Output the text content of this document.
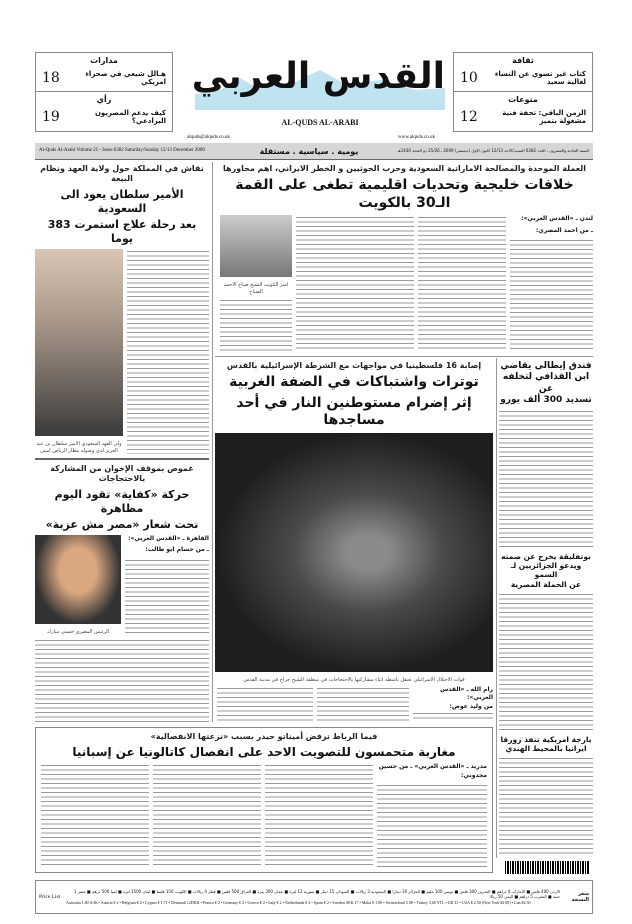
مدارات
هـالل شيعي في صحراء امريكي
18
رأي
كيف يدعم المصريون البرادعي؟
19
ثقافة
كتاب غير تسوي عن النساء لغالية سعيد
10
منوعات
الزمن الباقي: تحفة فنية مشغولة بتميز
12
القدس العربي
AL-QUDS AL-ARABI
alquds@alquds.co.uk	www.alquds.co.uk
Al-Quds Al-Arabi Volume 21 - Issue 6382 Saturday/Sunday 12/13 December 2009	يومية . سياسية . مستقلة	السنة الحادية والعشرون ـ العدد 6382 السبت/الاحد 12/13 كانون الاول (ديسمبر) 2009 ـ 25/26 ذو الحجة 1430هـ
العملة الموحدة والمصالحة الاماراتية السعودية وحرب الحوثيين و الخطر الايراني، اهم محاورها
خلافات خليجية وتحديات اقليمية تطغى على القمة الـ30 بالكويت
لندن ـ «القدس العربي»:
ـ من احمد المصري:
امير الكويت الشيخ صباح الاحمد الصباح
نقاش في المملكة حول ولاية العهد ونظام البيعة
الأمير سلطان يعود الى السعودية
بعد رحلة علاج استمرت 383 يوما
ولي العهد السعودي الامير سلطان بن عبد العزيز لدى وصوله مطار الرياض امس
غموض بموقف الإخوان من المشاركة بالاحتجاجات
حركة «كفاية» تقود اليوم مظاهرة
تحت شعار «مصر مش عزبة»
القاهرة ـ «القدس العربي»:
ـ من حسام ابو طالب:
الرئيس المصري حسني مبارك
إصابة 16 فلسطينيا في مواجهات مع الشرطة الإسرائيلية بالقدس
توترات واشتباكات في الضفة الغربية
إثر إضرام مستوطنين النار في أحد مساجدها
قوات الاحتلال الاسرائيلي تعتقل ناشطة اثناء مشاركتها بالاحتجاجات في منطقة الشيخ جراح في مدينة القدس
رام الله ـ «القدس العربي»:
من وليد عوض:
فندق إيطالي يقاضي
ابن القذافي لتخلفه عن
تسديد 300 ألف يورو
بوتفليقة يخرج عن صمته
ويدعو الجزائريين لـ السمو
عن الحملة المصرية
بارجة امريكية تنفذ زورقا
ايرانيا بالمحيط الهندي
فيما الرباط ترفض أميناتو حيدر بسبب «نزعتها الانفصالية»
مغاربة متحمسون للتصويت الاحد على انفصال كاتالونيا عن إسبانيا
مدريد ـ «القدس العربي» ـ من حسين مجدوبي:
Price List
الاردن 400 فلس ■ الامارات 4 دراهم ■ البحرين 300 فلس ■ تونس 100 مليم ■ الجزائر 30 دينارا ■ السعودية 3 ريالات ■ السودان 15 دينار ■ سورية 12 ليرة ■ عمان 300 بيزة ■ العراق 500 فلس ■ قطر 4 ريالات ■ الكويت 150 فلسا ■ لبنان 1500 ليرة ■ ليبيا 500 درهم ■ مصر 1 جنيه ■ المغرب 5 دراهم ■ اليمن 50 ريالا
Australia 1.80 A.Rs • Austria € 2 • Belgium € 2 • Cyprus € 1.71 • Denmark 12DKK • France € 2 • Germany € 2 • Greece € 2 • Italy € 2 • Netherlands € 2 • Spain € 2 • Sweden SEK 17 • Malta € 1.80 • Switzerland 3 SF • Turkey 3.60 YTL • UK £1 • USA $ 2.50 (New York $2.00) • Can $2.50
سعر النسخة
